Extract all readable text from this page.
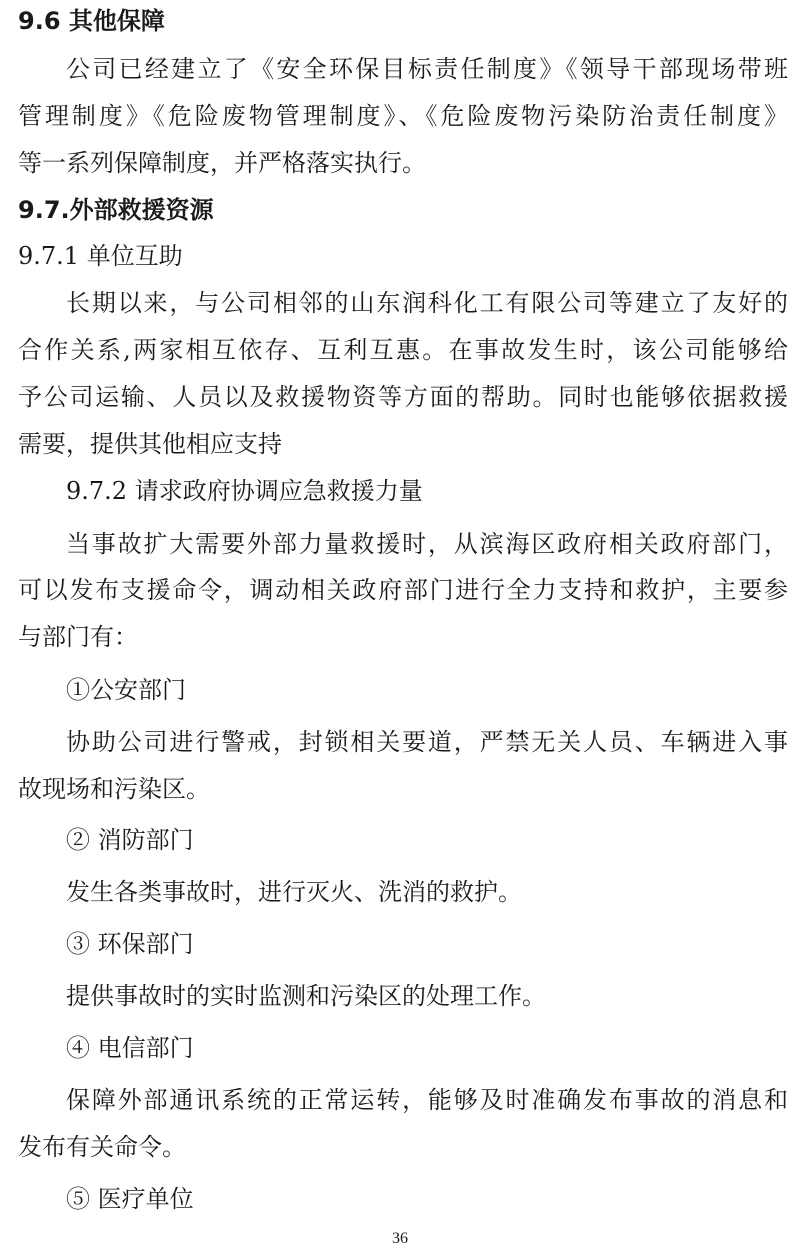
9.6 其他保障
公司已经建立了《安全环保目标责任制度》《领导干部现场带班
管理制度》《危险废物管理制度》、《危险废物污染防治责任制度》
等一系列保障制度，并严格落实执行。
9.7.外部救援资源
9.7.1 单位互助
长期以来，与公司相邻的山东润科化工有限公司等建立了友好的
合作关系,两家相互依存、互利互惠。在事故发生时，该公司能够给
予公司运输、人员以及救援物资等方面的帮助。同时也能够依据救援
需要，提供其他相应支持
9.7.2 请求政府协调应急救援力量
当事故扩大需要外部力量救援时，从滨海区政府相关政府部门，
可以发布支援命令，调动相关政府部门进行全力支持和救护，主要参
与部门有：
①公安部门
协助公司进行警戒，封锁相关要道，严禁无关人员、车辆进入事
故现场和污染区。
② 消防部门
发生各类事故时，进行灭火、洗消的救护。
③ 环保部门
提供事故时的实时监测和污染区的处理工作。
④ 电信部门
保障外部通讯系统的正常运转，能够及时准确发布事故的消息和
发布有关命令。
⑤ 医疗单位
36
